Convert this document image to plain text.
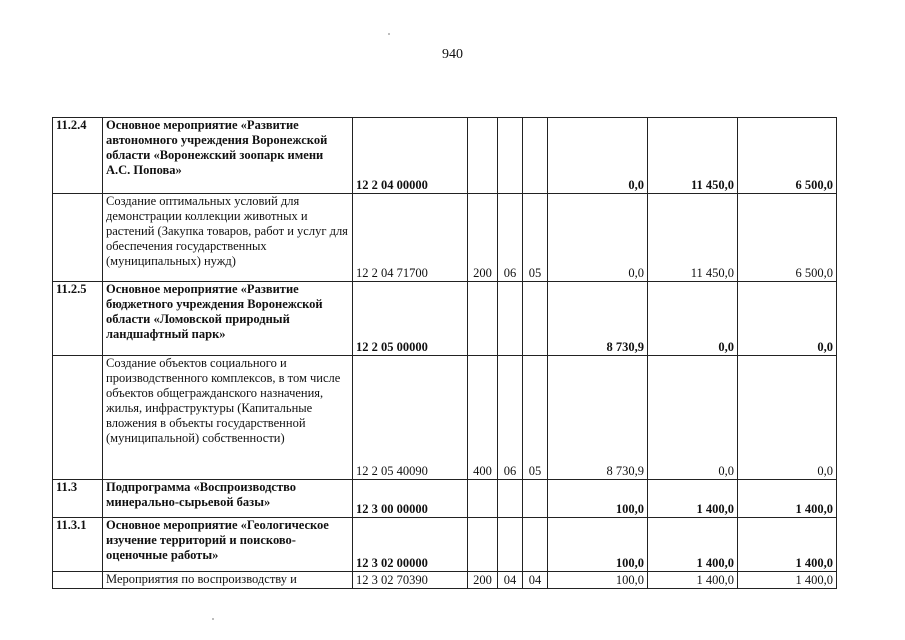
940
11.2.4	Основное мероприятие «Развитие автономного учреждения Воронежской области «Воронежский зоопарк имени А.С. Попова»	12 2 04 00000				0,0	11 450,0	6 500,0
	Создание оптимальных условий для демонстрации коллекции животных и растений (Закупка товаров, работ и услуг для обеспечения государственных (муниципальных) нужд)	12 2 04 71700	200	06	05	0,0	11 450,0	6 500,0
11.2.5	Основное мероприятие «Развитие бюджетного учреждения Воронежской области «Ломовской природный ландшафтный парк»	12 2 05 00000				8 730,9	0,0	0,0
	Создание объектов социального и производственного комплексов, в том числе объектов общегражданского назначения, жилья, инфраструктуры (Капитальные вложения в объекты государственной (муниципальной) собственности)	12 2 05 40090	400	06	05	8 730,9	0,0	0,0
11.3	Подпрограмма «Воспроизводство минерально-сырьевой базы»	12 3 00 00000				100,0	1 400,0	1 400,0
11.3.1	Основное мероприятие «Геологическое изучение территорий и поисково-оценочные работы»	12 3 02 00000				100,0	1 400,0	1 400,0
	Мероприятия по воспроизводству и	12 3 02 70390	200	04	04	100,0	1 400,0	1 400,0
